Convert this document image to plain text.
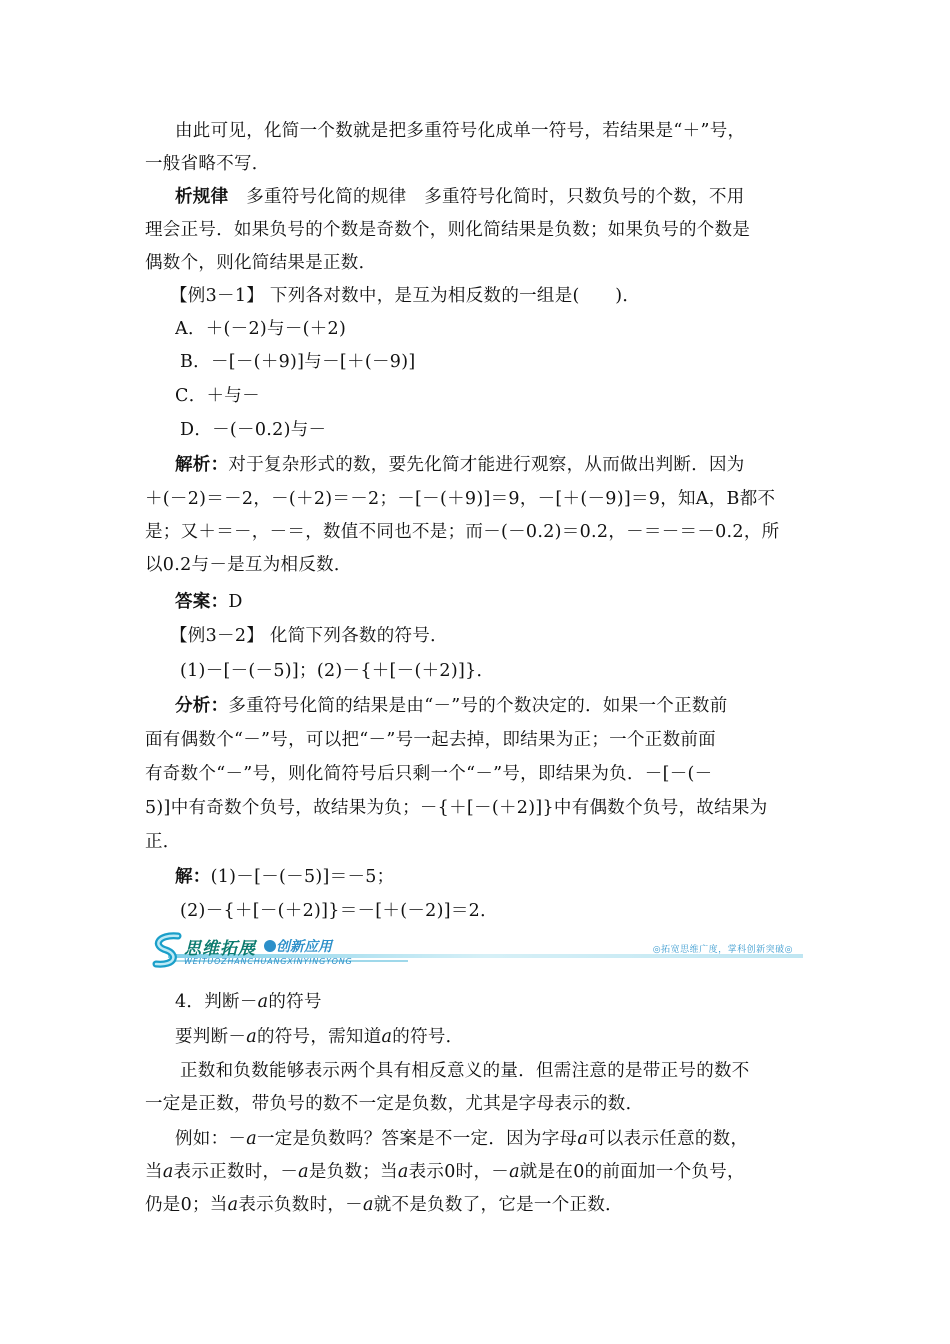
由此可见，化简一个数就是把多重符号化成单一符号，若结果是“＋”号，
一般省略不写．
析规律　多重符号化简的规律　多重符号化简时，只数负号的个数，不用
理会正号．如果负号的个数是奇数个，则化简结果是负数；如果负号的个数是
偶数个，则化简结果是正数．
【例3－1】 下列各对数中，是互为相反数的一组是(　　)．
A．＋(－2)与－(＋2)
B．－[－(＋9)]与－[＋(－9)]
C．＋与－
D．－(－0.2)与－
解析：对于复杂形式的数，要先化简才能进行观察，从而做出判断．因为
＋(－2)＝－2，－(＋2)＝－2；－[－(＋9)]＝9，－[＋(－9)]＝9，知A，B都不
是；又＋＝－，－＝，数值不同也不是；而－(－0.2)＝0.2，－＝－＝－0.2，所
以0.2与－是互为相反数．
答案：D
【例3－2】 化简下列各数的符号．
(1)－[－(－5)]；(2)－{＋[－(＋2)]}．
分析：多重符号化简的结果是由“－”号的个数决定的．如果一个正数前
面有偶数个“－”号，可以把“－”号一起去掉，即结果为正；一个正数前面
有奇数个“－”号，则化简符号后只剩一个“－”号，即结果为负．－[－(－
5)]中有奇数个负号，故结果为负；－{＋[－(＋2)]}中有偶数个负号，故结果为
正．
解：(1)－[－(－5)]＝－5；
(2)－{＋[－(＋2)]}＝－[＋(－2)]＝2．
思维拓展 创新应用
WEITUOZHANCHUANGXINYINGYONG
◎拓宽思维广度，掌科创新突破◎
4．判断－a的符号
要判断－a的符号，需知道a的符号．
正数和负数能够表示两个具有相反意义的量．但需注意的是带正号的数不
一定是正数，带负号的数不一定是负数，尤其是字母表示的数．
例如：－a一定是负数吗？答案是不一定．因为字母a可以表示任意的数，
当a表示正数时，－a是负数；当a表示0时，－a就是在0的前面加一个负号，
仍是0；当a表示负数时，－a就不是负数了，它是一个正数．
